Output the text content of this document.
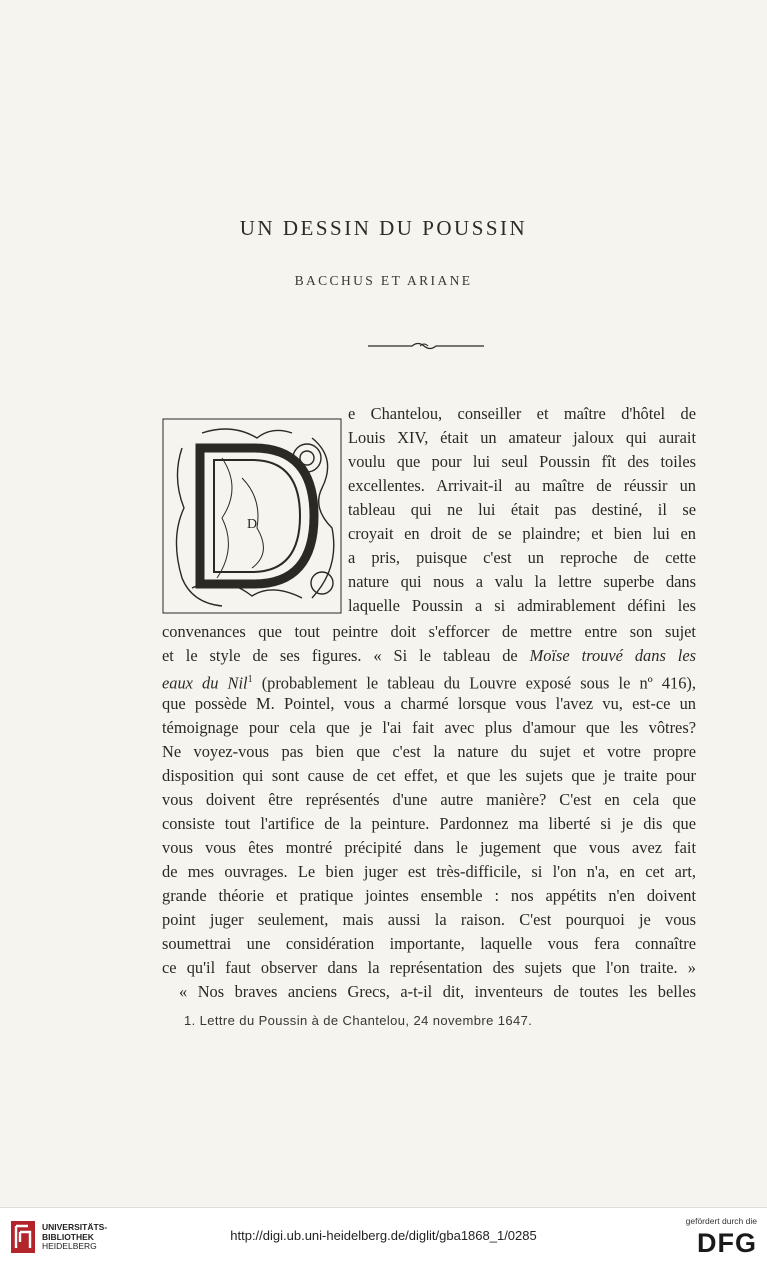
UN DESSIN DU POUSSIN
BACCHUS ET ARIANE
D
e Chantelou, conseiller et maître d'hôtel de
Louis XIV, était un amateur jaloux qui aurait
voulu que pour lui seul Poussin fît des toiles
excellentes. Arrivait-il au maître de réussir un
tableau qui ne lui était pas destiné, il se
croyait en droit de se plaindre; et bien lui en
a pris, puisque c'est un reproche de cette
nature qui nous a valu la lettre superbe dans
laquelle Poussin a si admirablement défini les
convenances que tout peintre doit s'efforcer de mettre entre son sujet
et le style de ses figures. « Si le tableau de Moïse trouvé dans les
eaux du Nil$^1$ (probablement le tableau du Louvre exposé sous le nº 416),
que possède M. Pointel, vous a charmé lorsque vous l'avez vu, est-ce un
témoignage pour cela que je l'ai fait avec plus d'amour que les vôtres?
Ne voyez-vous pas bien que c'est la nature du sujet et votre propre
disposition qui sont cause de cet effet, et que les sujets que je traite pour
vous doivent être représentés d'une autre manière? C'est en cela que
consiste tout l'artifice de la peinture. Pardonnez ma liberté si je dis que
vous vous êtes montré précipité dans le jugement que vous avez fait
de mes ouvrages. Le bien juger est très-difficile, si l'on n'a, en cet art,
grande théorie et pratique jointes ensemble : nos appétits n'en doivent
point juger seulement, mais aussi la raison. C'est pourquoi je vous
soumettrai une considération importante, laquelle vous fera connaître
ce qu'il faut observer dans la représentation des sujets que l'on traite. »
« Nos braves anciens Grecs, a-t-il dit, inventeurs de toutes les belles
1. Lettre du Poussin à de Chantelou, 24 novembre 1647.
UNIVERSITÄTS-
BIBLIOTHEK
HEIDELBERG
http://digi.ub.uni-heidelberg.de/diglit/gba1868_1/0285
gefördert durch die
DFG
